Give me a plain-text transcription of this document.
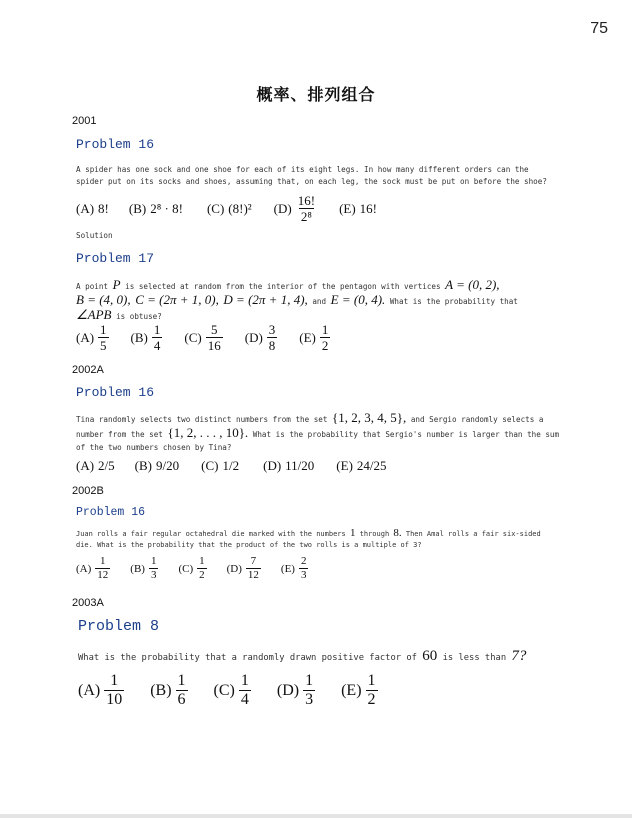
75
概率、排列组合
2001
Problem 16
A spider has one sock and one shoe for each of its eight legs. In how many different orders can the spider put on its socks and shoes, assuming that, on each leg, the sock must be put on before the shoe?
(A) 8! (B) 2⁸ · 8! (C) (8!)² $(D) \frac{16!}{\text{2⁸}} (E)$ 16!
Solution
Problem 17
A point P is selected at random from the interior of the pentagon with vertices A = (0, 2),
B = (4, 0), C = (2π + 1, 0), D = (2π + 1, 4), and E = (0, 4). What is the probability that
∠APB is obtuse?
$(A) \frac{1}{5} (B) \frac{1}{4} (C) \frac{5}{16} (D) \frac{3}{8} (E) \frac{1}{2}$
2002A
Problem 16
Tina randomly selects two distinct numbers from the set {1, 2, 3, 4, 5}, and Sergio randomly selects a number from the set {1, 2, . . . , 10}. What is the probability that Sergio's number is larger than the sum of the two numbers chosen by Tina?
(A) 2/5 (B) 9/20 (C) 1/2 (D) 11/20 (E) 24/25
2002B
Problem 16
Juan rolls a fair regular octahedral die marked with the numbers 1 through 8. Then Amal rolls a fair six-sided die. What is the probability that the product of the two rolls is a multiple of 3?
$(A) \frac{1}{12} (B) \frac{1}{3} (C) \frac{1}{2} (D) \frac{7}{12} (E) \frac{2}{3}$
2003A
Problem 8
What is the probability that a randomly drawn positive factor of 60 is less than 7?
$(A) \frac{1}{10} (B) \frac{1}{6} (C) \frac{1}{4} (D) \frac{1}{3} (E) \frac{1}{2}$
